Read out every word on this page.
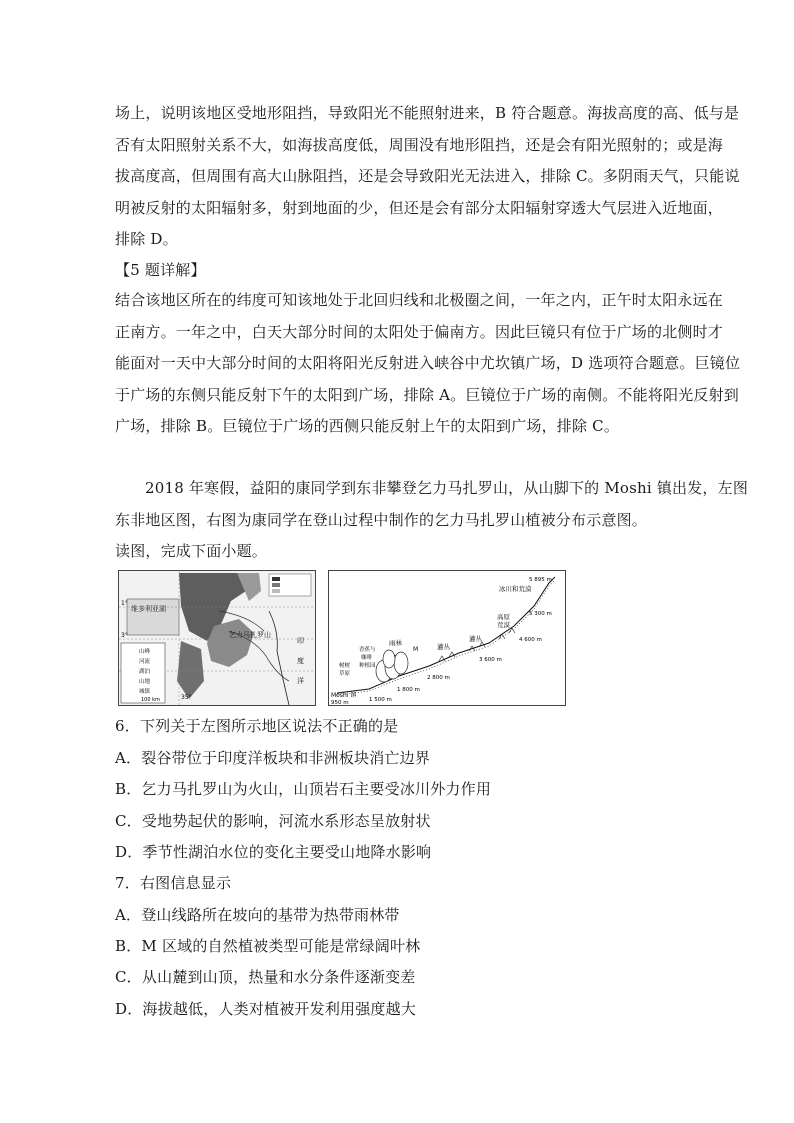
场上，说明该地区受地形阻挡，导致阳光不能照射进来，B 符合题意。海拔高度的高、低与是
否有太阳照射关系不大，如海拔高度低，周围没有地形阻挡，还是会有阳光照射的；或是海
拔高度高，但周围有高大山脉阻挡，还是会导致阳光无法进入，排除 C。多阴雨天气，只能说
明被反射的太阳辐射多，射到地面的少，但还是会有部分太阳辐射穿透大气层进入近地面，
排除 D。
【5 题详解】
结合该地区所在的纬度可知该地处于北回归线和北极圈之间，一年之内，正午时太阳永远在
正南方。一年之中，白天大部分时间的太阳处于偏南方。因此巨镜只有位于广场的北侧时才
能面对一天中大部分时间的太阳将阳光反射进入峡谷中尤坎镇广场，D 选项符合题意。巨镜位
于广场的东侧只能反射下午的太阳到广场，排除 A。巨镜位于广场的南侧。不能将阳光反射到
广场，排除 B。巨镜位于广场的西侧只能反射上午的太阳到广场，排除 C。
2018 年寒假，益阳的康同学到东非攀登乞力马扎罗山，从山脚下的 Moshi 镇出发，左图
东非地区图，右图为康同学在登山过程中制作的乞力马扎罗山植被分布示意图。
读图，完成下面小题。
维多利亚湖
1°
3°
35°
乞力马扎罗山
印
度
洋
山峰
河流
湖泊
山地
城镇
100 km
Moshi 镇
950 m	1 500 m
1 800 m
2 800 m
3 600 m
4 600 m
5 300 m
5 895 m
雨林
M	灌丛
灌丛
高原
荒漠
冰川和荒漠
香蕉与
咖啡
种植园
树树
草原
6．下列关于左图所示地区说法不正确的是
A．裂谷带位于印度洋板块和非洲板块消亡边界
B．乞力马扎罗山为火山，山顶岩石主要受冰川外力作用
C．受地势起伏的影响，河流水系形态呈放射状
D．季节性湖泊水位的变化主要受山地降水影响
7．右图信息显示
A．登山线路所在坡向的基带为热带雨林带
B．M 区域的自然植被类型可能是常绿阔叶林
C．从山麓到山顶，热量和水分条件逐渐变差
D．海拔越低，人类对植被开发利用强度越大
